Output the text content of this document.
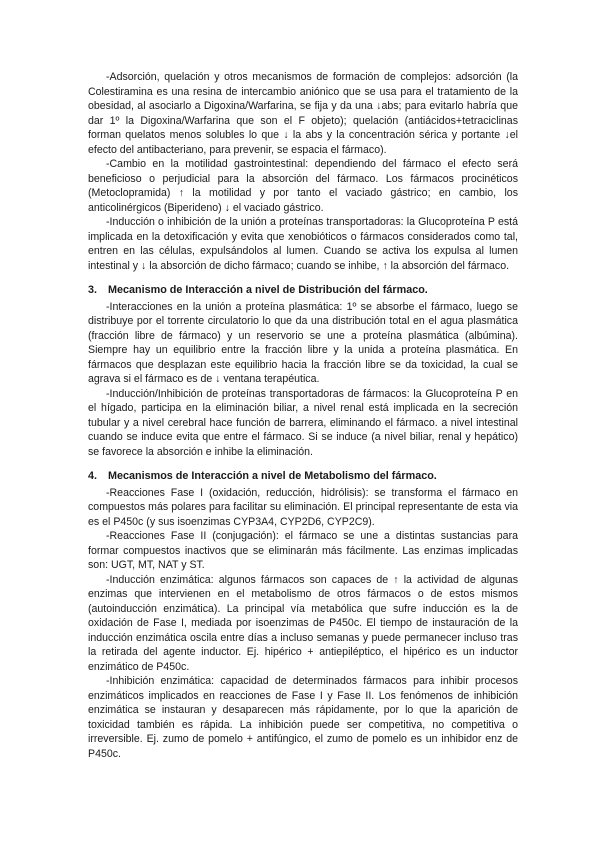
-Adsorción, quelación y otros mecanismos de formación de complejos: adsorción (la Colestiramina es una resina de intercambio aniónico que se usa para el tratamiento de la obesidad, al asociarlo a Digoxina/Warfarina, se fija y da una ↓abs; para evitarlo habría que dar 1º la Digoxina/Warfarina que son el F objeto); quelación (antiácidos+tetraciclinas forman quelatos menos solubles lo que ↓ la abs y la concentración sérica y portante ↓el efecto del antibacteriano, para prevenir, se espacia el fármaco).

-Cambio en la motilidad gastrointestinal: dependiendo del fármaco el efecto será beneficioso o perjudicial para la absorción del fármaco. Los fármacos procinéticos (Metoclopramida) ↑ la motilidad y por tanto el vaciado gástrico; en cambio, los anticolinérgicos (Biperideno) ↓ el vaciado gástrico.

-Inducción o inhibición de la unión a proteínas transportadoras: la Glucoproteína P está implicada en la detoxificación y evita que xenobióticos o fármacos considerados como tal, entren en las células, expulsándolos al lumen. Cuando se activa los expulsa al lumen intestinal y ↓ la absorción de dicho fármaco; cuando se inhibe, ↑ la absorción del fármaco.

3.	Mecanismo de Interacción a nivel de Distribución del fármaco.

-Interacciones en la unión a proteína plasmática: 1º se absorbe el fármaco, luego se distribuye por el torrente circulatorio lo que da una distribución total en el agua plasmática (fracción libre de fármaco) y un reservorio se une a proteína plasmática (albúmina). Siempre hay un equilibrio entre la fracción libre y la unida a proteína plasmática. En fármacos que desplazan este equilibrio hacia la fracción libre se da toxicidad, la cual se agrava si el fármaco es de ↓ ventana terapéutica.

-Inducción/Inhibición de proteínas transportadoras de fármacos: la Glucoproteína P en el hígado, participa en la eliminación biliar, a nivel renal está implicada en la secreción tubular y a nivel cerebral hace función de barrera, eliminando el fármaco. a nivel intestinal cuando se induce evita que entre el fármaco. Si se induce (a nivel biliar, renal y hepático) se favorece la absorción e inhibe la eliminación.

4.	Mecanismos de Interacción a nivel de Metabolismo del fármaco.

-Reacciones Fase I (oxidación, reducción, hidrólisis): se transforma el fármaco en compuestos más polares para facilitar su eliminación. El principal representante de esta via es el P450c (y sus isoenzimas CYP3A4, CYP2D6, CYP2C9).

-Reacciones Fase II (conjugación): el fármaco se une a distintas sustancias para formar compuestos inactivos que se eliminarán más fácilmente. Las enzimas implicadas son: UGT, MT, NAT y ST.

-Inducción enzimática: algunos fármacos son capaces de ↑ la actividad de algunas enzimas que intervienen en el metabolismo de otros fármacos o de estos mismos (autoinducción enzimática). La principal vía metabólica que sufre inducción es la de oxidación de Fase I, mediada por isoenzimas de P450c. El tiempo de instauración de la inducción enzimática oscila entre días a incluso semanas y puede permanecer incluso tras la retirada del agente inductor. Ej. hipérico + antiepiléptico, el hipérico es un inductor enzimático de P450c.

-Inhibición enzimática: capacidad de determinados fármacos para inhibir procesos enzimáticos implicados en reacciones de Fase I y Fase II. Los fenómenos de inhibición enzimática se instauran y desaparecen más rápidamente, por lo que la aparición de toxicidad también es rápida. La inhibición puede ser competitiva, no competitiva o irreversible. Ej. zumo de pomelo + antifúngico, el zumo de pomelo es un inhibidor enz de P450c.
